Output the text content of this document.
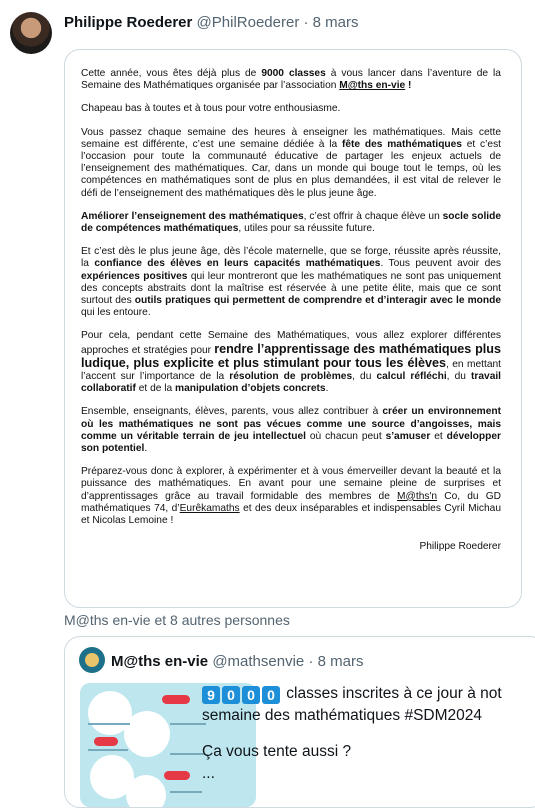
Philippe Roederer @PhilRoederer · 8 mars

Cette année, vous êtes déjà plus de 9000 classes à vous lancer dans l’aventure de la Semaine des Mathématiques organisée par l’association M@ths en-vie !

Chapeau bas à toutes et à tous pour votre enthousiasme.

Vous passez chaque semaine des heures à enseigner les mathématiques. Mais cette semaine est différente, c’est une semaine dédiée à la fête des mathématiques et c’est l’occasion pour toute la communauté éducative de partager les enjeux actuels de l’enseignement des mathématiques. Car, dans un monde qui bouge tout le temps, où les compétences en mathématiques sont de plus en plus demandées, il est vital de relever le défi de l’enseignement des mathématiques dès le plus jeune âge.

Améliorer l’enseignement des mathématiques, c’est offrir à chaque élève un socle solide de compétences mathématiques, utiles pour sa réussite future.

Et c’est dès le plus jeune âge, dès l’école maternelle, que se forge, réussite après réussite, la confiance des élèves en leurs capacités mathématiques. Tous peuvent avoir des expériences positives qui leur montreront que les mathématiques ne sont pas uniquement des concepts abstraits dont la maîtrise est réservée à une petite élite, mais que ce sont surtout des outils pratiques qui permettent de comprendre et d’interagir avec le monde qui les entoure.

Pour cela, pendant cette Semaine des Mathématiques, vous allez explorer différentes approches et stratégies pour rendre l’apprentissage des mathématiques plus ludique, plus explicite et plus stimulant pour tous les élèves, en mettant l’accent sur l’importance de la résolution de problèmes, du calcul réfléchi, du travail collaboratif et de la manipulation d’objets concrets.

Ensemble, enseignants, élèves, parents, vous allez contribuer à créer un environnement où les mathématiques ne sont pas vécues comme une source d’angoisses, mais comme un véritable terrain de jeu intellectuel où chacun peut s’amuser et développer son potentiel.

Préparez-vous donc à explorer, à expérimenter et à vous émerveiller devant la beauté et la puissance des mathématiques. En avant pour une semaine pleine de surprises et d’apprentissages grâce au travail formidable des membres de M@ths'n Co, du GD mathématiques 74, d’Eurêkamaths et des deux inséparables et indispensables Cyril Michau et Nicolas Lemoine !

Philippe Roederer

M@ths en-vie et 8 autres personnes
M@ths en-vie @mathsenvie · 8 mars
9 0 0 0 classes inscrites à ce jour à not
semaine des mathématiques #SDM2024
Ça vous tente aussi ?
...
